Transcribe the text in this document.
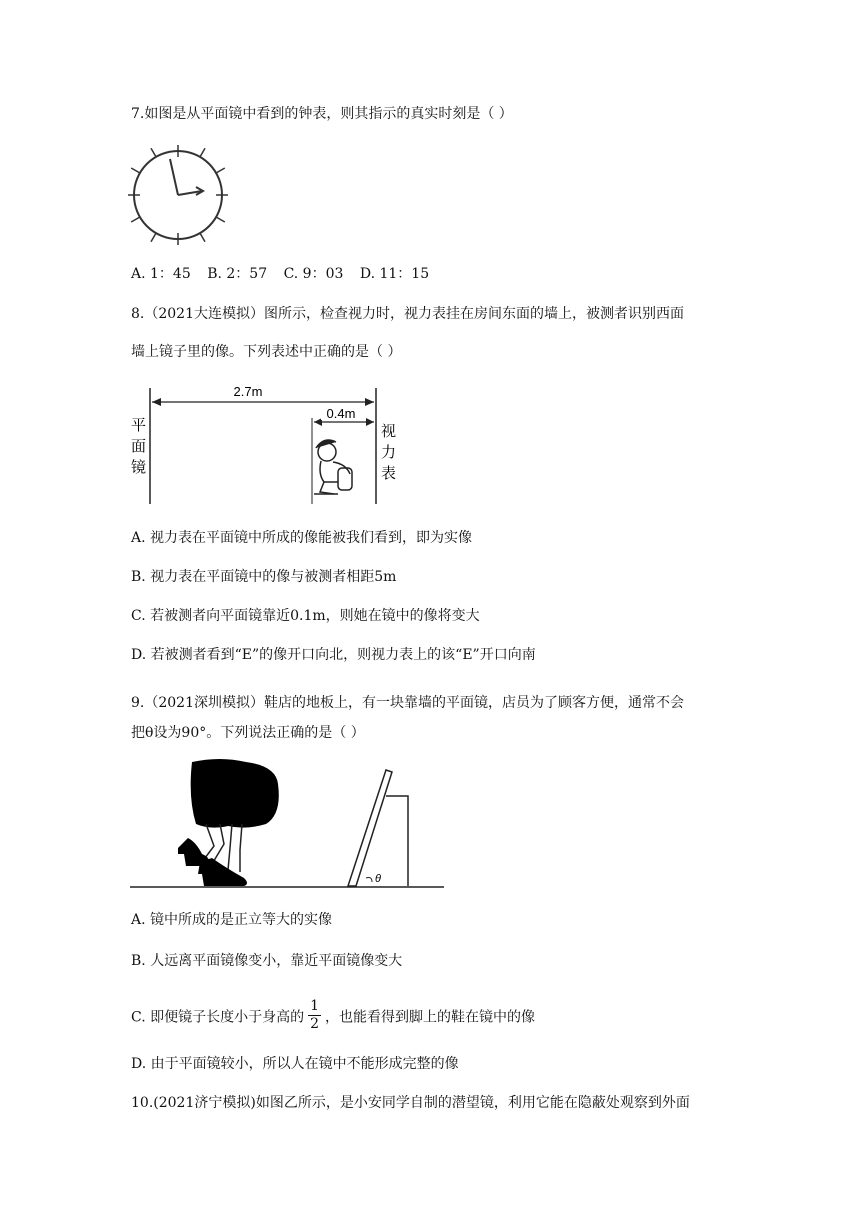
7.如图是从平面镜中看到的钟表，则其指示的真实时刻是（ ）
A. 1：45 B. 2：57 C. 9：03 D. 11：15
8.（2021大连模拟）图所示，检查视力时，视力表挂在房间东面的墙上，被测者识别西面
墙上镜子里的像。下列表述中正确的是（ ）
2.7m
0.4m
平
面
镜
视
力
表
A. 视力表在平面镜中所成的像能被我们看到，即为实像
B. 视力表在平面镜中的像与被测者相距5m
C. 若被测者向平面镜靠近0.1m，则她在镜中的像将变大
D. 若被测者看到“E”的像开口向北，则视力表上的该“E”开口向南
9.（2021深圳模拟）鞋店的地板上，有一块靠墙的平面镜，店员为了顾客方便，通常不会
把θ设为90°。下列说法正确的是（ ）
θ
A. 镜中所成的是正立等大的实像
B. 人远离平面镜像变小，靠近平面镜像变大
C. 即便镜子长度小于身高的 $\frac{1}{2}$ ，也能看得到脚上的鞋在镜中的像
D. 由于平面镜较小，所以人在镜中不能形成完整的像
10.(2021济宁模拟)如图乙所示，是小安同学自制的潜望镜，利用它能在隐蔽处观察到外面
